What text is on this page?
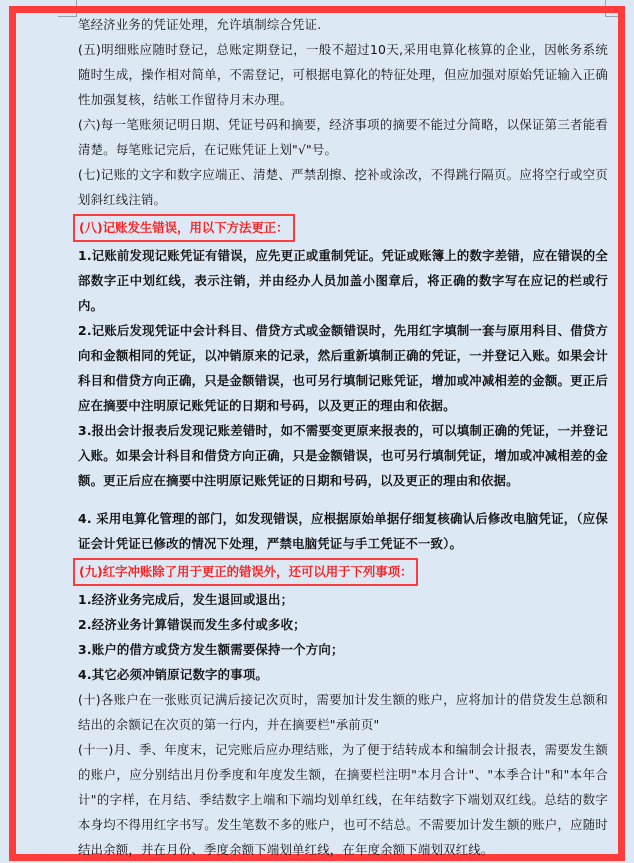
笔经济业务的凭证处理，允许填制综合凭证.

(五)明细账应随时登记，总账定期登记，一般不超过10天,采用电算化核算的企业，因帐务系统随时生成，操作相对简单，不需登记，可根据电算化的特征处理，但应加强对原始凭证输入正确性加强复核，结帐工作留待月末办理。

(六)每一笔账须记明日期、凭证号码和摘要，经济事项的摘要不能过分简略，以保证第三者能看清楚。每笔账记完后，在记账凭证上划"√"号。

(七)记账的文字和数字应端正、清楚、严禁刮擦、挖补或涂改，不得跳行隔页。应将空行或空页划斜红线注销。

(八)记账发生错误，用以下方法更正：

1.记账前发现记账凭证有错误，应先更正或重制凭证。凭证或账簿上的数字差错，应在错误的全部数字正中划红线，表示注销，并由经办人员加盖小图章后，将正确的数字写在应记的栏或行内。

2.记账后发现凭证中会计科目、借贷方式或金额错误时，先用红字填制一套与原用科目、借贷方向和金额相同的凭证，以冲销原来的记录，然后重新填制正确的凭证，一并登记入账。如果会计科目和借贷方向正确，只是金额错误，也可另行填制记账凭证，增加或冲减相差的金额。更正后应在摘要中注明原记账凭证的日期和号码，以及更正的理由和依据。

3.报出会计报表后发现记账差错时，如不需要变更原来报表的，可以填制正确的凭证，一并登记入账。如果会计科目和借贷方向正确，只是金额错误，也可另行填制凭证，增加或冲减相差的金额。更正后应在摘要中注明原记账凭证的日期和号码，以及更正的理由和依据。

4. 采用电算化管理的部门，如发现错误，应根据原始单据仔细复核确认后修改电脑凭证，（应保证会计凭证已修改的情况下处理，严禁电脑凭证与手工凭证不一致）。

(九)红字冲账除了用于更正的错误外，还可以用于下列事项：

1.经济业务完成后，发生退回或退出；

2.经济业务计算错误而发生多付或多收；

3.账户的借方或贷方发生额需要保持一个方向；

4.其它必须冲销原记数字的事项。

(十)各账户在一张账页记满后接记次页时，需要加计发生额的账户，应将加计的借贷发生总额和结出的余额记在次页的第一行内，并在摘要栏"承前页"

(十一)月、季、年度末，记完账后应办理结账，为了便于结转成本和编制会计报表，需要发生额的账户，应分别结出月份季度和年度发生额，在摘要栏注明"本月合计"、"本季合计"和"本年合计"的字样，在月结、季结数字上端和下端均划单红线，在年结数字下端划双红线。总结的数字本身均不得用红字书写。发生笔数不多的账户，也可不结总。不需要加计发生额的账户，应随时结出余额，并在月份、季度余额下端划单红线，在年度余额下端划双红线。
